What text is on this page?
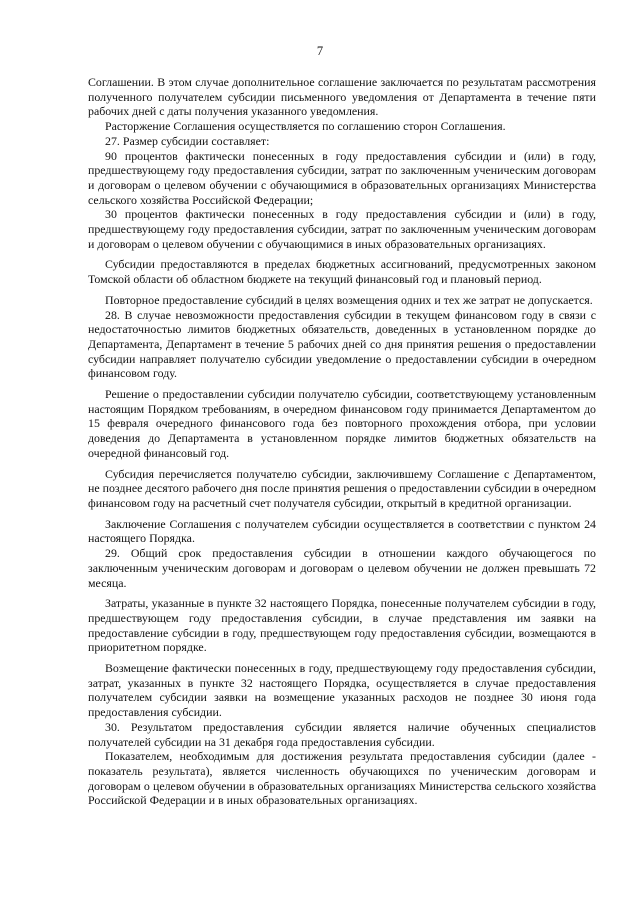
7

Соглашении. В этом случае дополнительное соглашение заключается по результатам рассмотрения полученного получателем субсидии письменного уведомления от Департамента в течение пяти рабочих дней с даты получения указанного уведомления.

Расторжение Соглашения осуществляется по соглашению сторон Соглашения.

27. Размер субсидии составляет:

90 процентов фактически понесенных в году предоставления субсидии и (или) в году, предшествующему году предоставления субсидии, затрат по заключенным ученическим договорам и договорам о целевом обучении с обучающимися в образовательных организациях Министерства сельского хозяйства Российской Федерации;

30 процентов фактически понесенных в году предоставления субсидии и (или) в году, предшествующему году предоставления субсидии, затрат по заключенным ученическим договорам и договорам о целевом обучении с обучающимися в иных образовательных организациях.

Субсидии предоставляются в пределах бюджетных ассигнований, предусмотренных законом Томской области об областном бюджете на текущий финансовый год и плановый период.

Повторное предоставление субсидий в целях возмещения одних и тех же затрат не допускается.

28. В случае невозможности предоставления субсидии в текущем финансовом году в связи с недостаточностью лимитов бюджетных обязательств, доведенных в установленном порядке до Департамента, Департамент в течение 5 рабочих дней со дня принятия решения о предоставлении субсидии направляет получателю субсидии уведомление о предоставлении субсидии в очередном финансовом году.

Решение о предоставлении субсидии получателю субсидии, соответствующему установленным настоящим Порядком требованиям, в очередном финансовом году принимается Департаментом до 15 февраля очередного финансового года без повторного прохождения отбора, при условии доведения до Департамента в установленном порядке лимитов бюджетных обязательств на очередной финансовый год.

Субсидия перечисляется получателю субсидии, заключившему Соглашение с Департаментом, не позднее десятого рабочего дня после принятия решения о предоставлении субсидии в очередном финансовом году на расчетный счет получателя субсидии, открытый в кредитной организации.

Заключение Соглашения с получателем субсидии осуществляется в соответствии с пунктом 24 настоящего Порядка.

29. Общий срок предоставления субсидии в отношении каждого обучающегося по заключенным ученическим договорам и договорам о целевом обучении не должен превышать 72 месяца.

Затраты, указанные в пункте 32 настоящего Порядка, понесенные получателем субсидии в году, предшествующем году предоставления субсидии, в случае представления им заявки на предоставление субсидии в году, предшествующем году предоставления субсидии, возмещаются в приоритетном порядке.

Возмещение фактически понесенных в году, предшествующему году предоставления субсидии, затрат, указанных в пункте 32 настоящего Порядка, осуществляется в случае предоставления получателем субсидии заявки на возмещение указанных расходов не позднее 30 июня года предоставления субсидии.

30. Результатом предоставления субсидии является наличие обученных специалистов получателей субсидии на 31 декабря года предоставления субсидии.

Показателем, необходимым для достижения результата предоставления субсидии (далее - показатель результата), является численность обучающихся по ученическим договорам и договорам о целевом обучении в образовательных организациях Министерства сельского хозяйства Российской Федерации и в иных образовательных организациях.
